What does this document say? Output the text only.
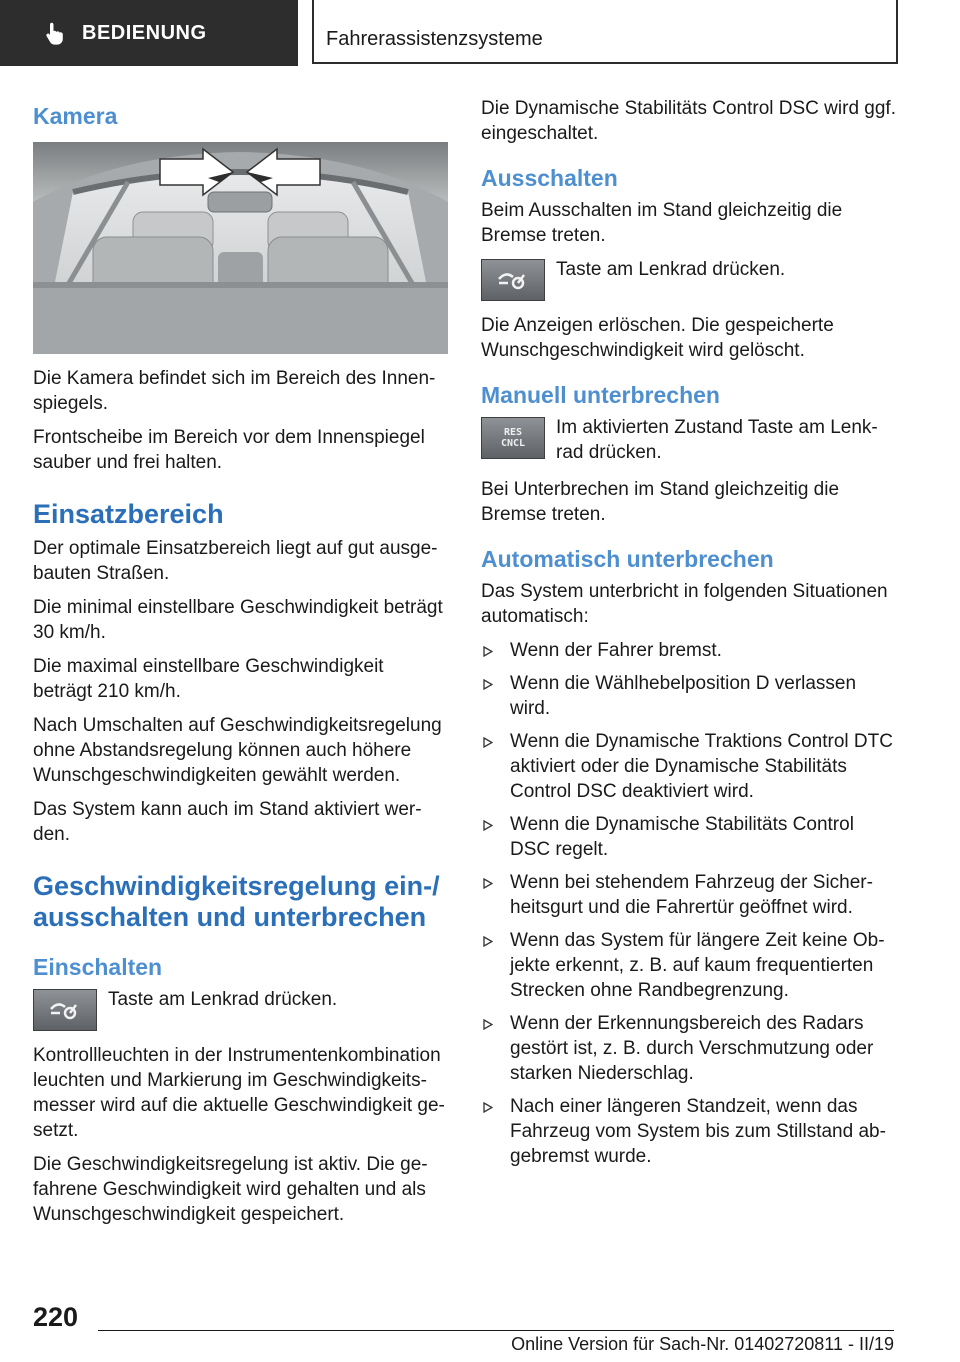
BEDIENUNG	Fahrerassistenzsysteme
Kamera

Die Kamera befindet sich im Bereich des Innen-spiegels.

Frontscheibe im Bereich vor dem Innenspiegel sauber und frei halten.

Einsatzbereich

Der optimale Einsatzbereich liegt auf gut ausge-bauten Straßen.

Die minimal einstellbare Geschwindigkeit beträgt 30 km/h.

Die maximal einstellbare Geschwindigkeit beträgt 210 km/h.

Nach Umschalten auf Geschwindigkeitsregelung ohne Abstandsregelung können auch höhere Wunschgeschwindigkeiten gewählt werden.

Das System kann auch im Stand aktiviert wer-den.

Geschwindigkeitsregelung ein-/ ausschalten und unterbrechen
Einschalten

Taste am Lenkrad drücken.

Kontrollleuchten in der Instrumentenkombination leuchten und Markierung im Geschwindigkeits-messer wird auf die aktuelle Geschwindigkeit ge-setzt.

Die Geschwindigkeitsregelung ist aktiv. Die ge-fahrene Geschwindigkeit wird gehalten und als Wunschgeschwindigkeit gespeichert.

Die Dynamische Stabilitäts Control DSC wird ggf. eingeschaltet.

Ausschalten

Beim Ausschalten im Stand gleichzeitig die Bremse treten.

Taste am Lenkrad drücken.

Die Anzeigen erlöschen. Die gespeicherte Wunschgeschwindigkeit wird gelöscht.

Manuell unterbrechen
RES
CNCL

Im aktivierten Zustand Taste am Lenk-rad drücken.

Bei Unterbrechen im Stand gleichzeitig die Bremse treten.

Automatisch unterbrechen

Das System unterbricht in folgenden Situationen automatisch:

Wenn der Fahrer bremst.
Wenn die Wählhebelposition D verlassen wird.
Wenn die Dynamische Traktions Control DTC aktiviert oder die Dynamische Stabilitäts Control DSC deaktiviert wird.
Wenn die Dynamische Stabilitäts Control DSC regelt.
Wenn bei stehendem Fahrzeug der Sicher-heitsgurt und die Fahrertür geöffnet wird.
Wenn das System für längere Zeit keine Ob-jekte erkennt, z. B. auf kaum frequentierten Strecken ohne Randbegrenzung.
Wenn der Erkennungsbereich des Radars gestört ist, z. B. durch Verschmutzung oder starken Niederschlag.
Nach einer längeren Standzeit, wenn das Fahrzeug vom System bis zum Stillstand ab-gebremst wurde.
220
Online Version für Sach-Nr. 01402720811 - II/19
